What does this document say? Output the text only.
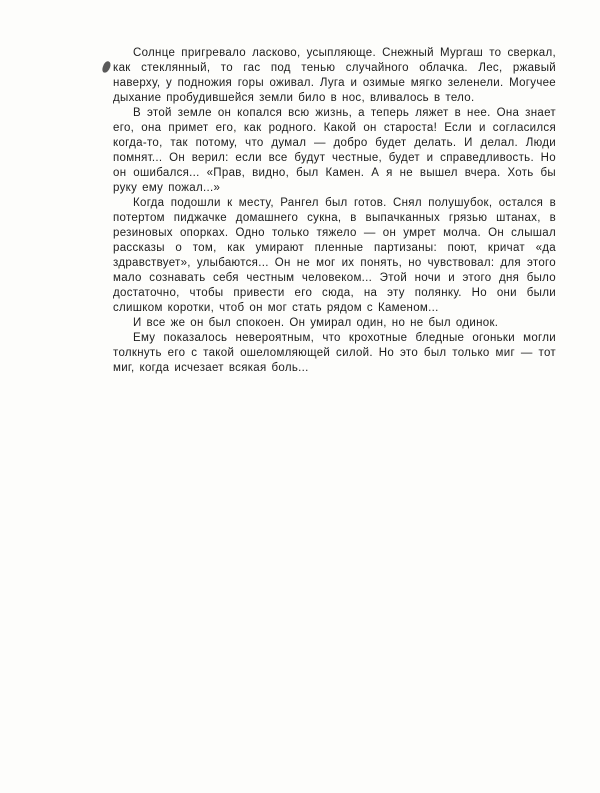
Солнце пригревало ласково, усыпляюще. Снежный Мургаш то сверкал, как стеклянный, то гас под тенью случайного облачка. Лес, ржавый наверху, у подножия горы оживал. Луга и озимые мягко зеленели. Могучее дыхание пробудившейся земли било в нос, вливалось в тело.

В этой земле он копался всю жизнь, а теперь ляжет в нее. Она знает его, она примет его, как родного. Какой он староста! Если и согласился когда-то, так потому, что думал — добро будет делать. И делал. Люди помнят... Он верил: если все будут честные, будет и справедливость. Но он ошибался... «Прав, видно, был Камен. А я не вышел вчера. Хоть бы руку ему пожал...»

Когда подошли к месту, Рангел был готов. Снял полушубок, остался в потертом пиджачке домашнего сукна, в выпачканных грязью штанах, в резиновых опорках. Одно только тяжело — он умрет молча. Он слышал рассказы о том, как умирают пленные партизаны: поют, кричат «да здравствует», улыбаются... Он не мог их понять, но чувствовал: для этого мало сознавать себя честным человеком... Этой ночи и этого дня было достаточно, чтобы привести его сюда, на эту полянку. Но они были слишком коротки, чтоб он мог стать рядом с Каменом...

И все же он был спокоен. Он умирал один, но не был одинок.

Ему показалось невероятным, что крохотные бледные огоньки могли толкнуть его с такой ошеломляющей силой. Но это был только миг — тот миг, когда исчезает всякая боль...
